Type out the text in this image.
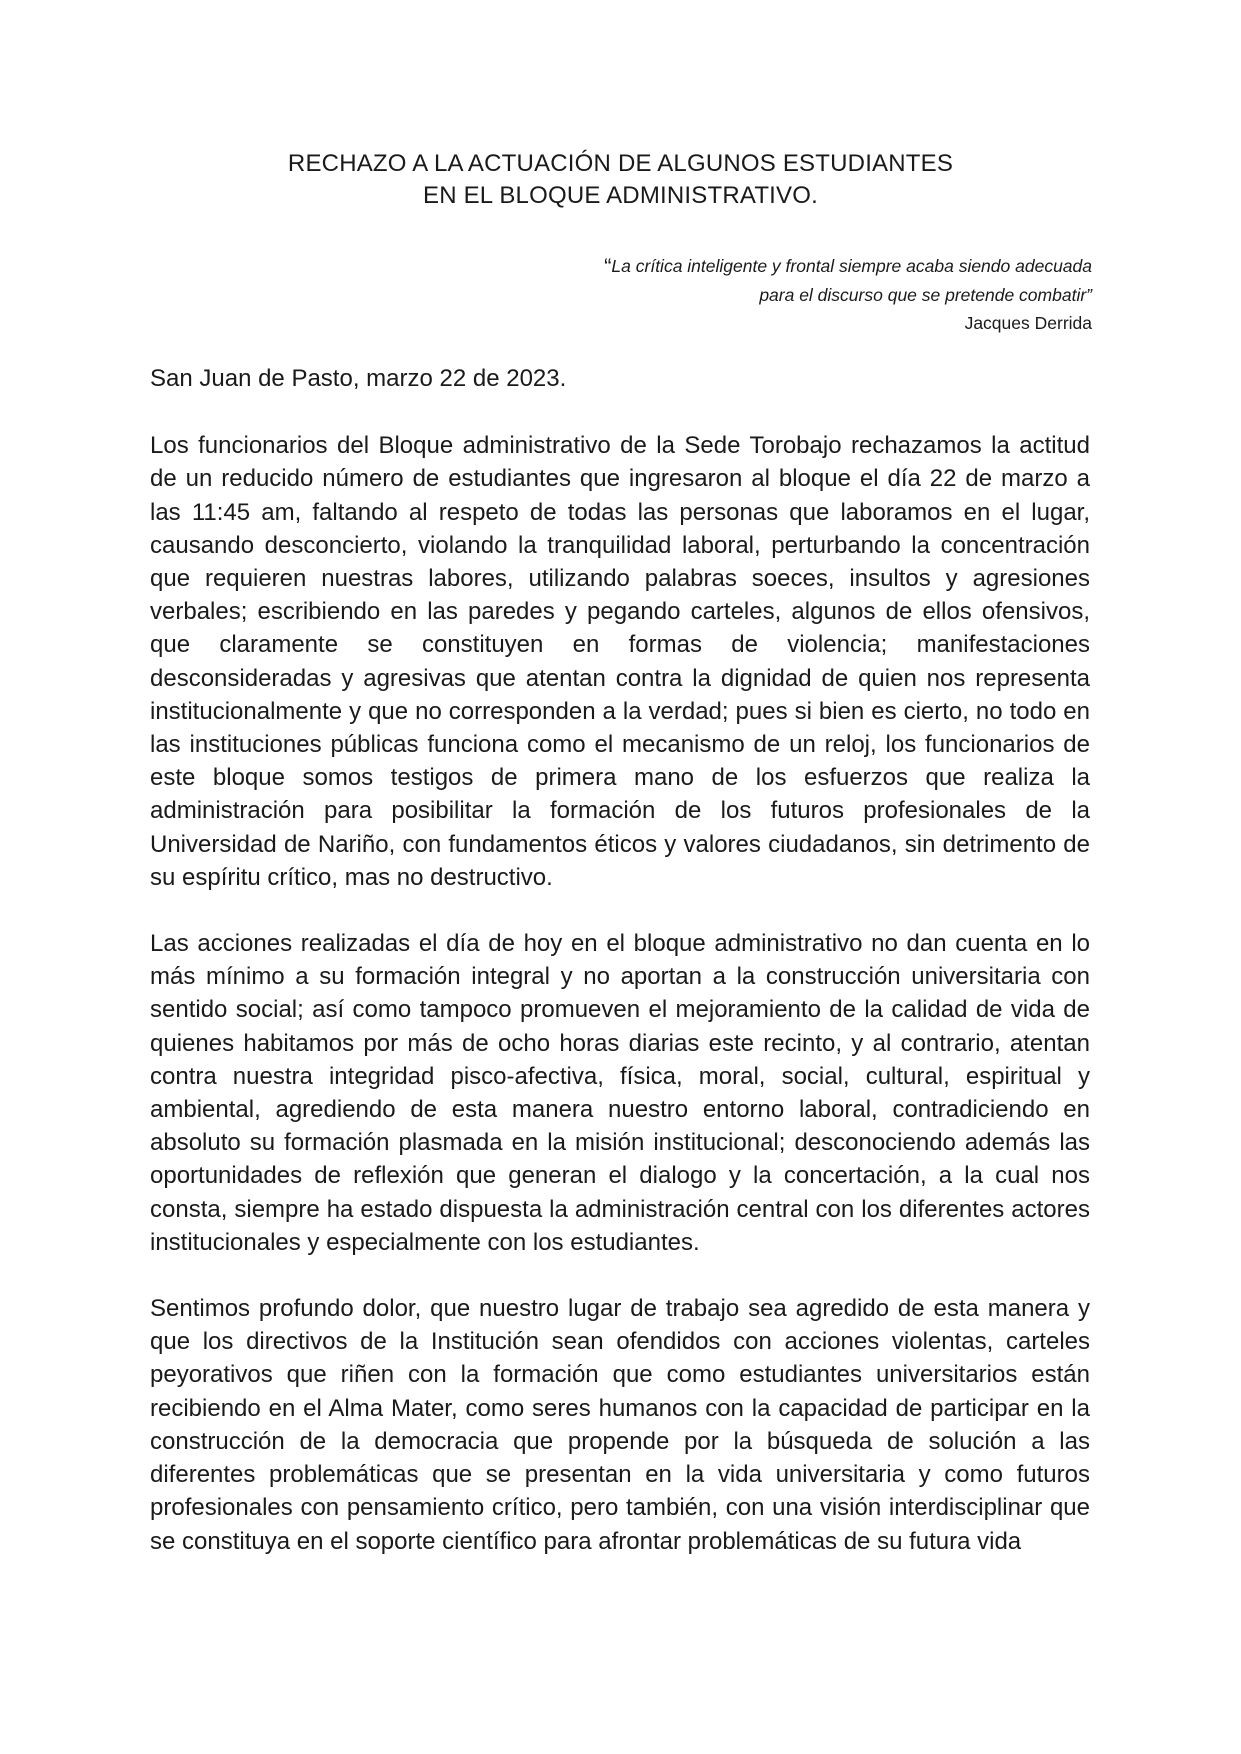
RECHAZO A LA ACTUACIÓN DE ALGUNOS ESTUDIANTES
EN EL BLOQUE ADMINISTRATIVO.
“La crítica inteligente y frontal siempre acaba siendo adecuada
para el discurso que se pretende combatir”
Jacques Derrida
San Juan de Pasto, marzo 22 de 2023.

Los funcionarios del Bloque administrativo de la Sede Torobajo rechazamos la actitud de un reducido número de estudiantes que ingresaron al bloque el día 22 de marzo a las 11:45 am, faltando al respeto de todas las personas que laboramos en el lugar, causando desconcierto, violando la tranquilidad laboral, perturbando la concentración que requieren nuestras labores, utilizando palabras soeces, insultos y agresiones verbales; escribiendo en las paredes y pegando carteles, algunos de ellos ofensivos, que claramente se constituyen en formas de violencia; manifestaciones desconsideradas y agresivas que atentan contra la dignidad de quien nos representa institucionalmente y que no corresponden a la verdad; pues si bien es cierto, no todo en las instituciones públicas funciona como el mecanismo de un reloj, los funcionarios de este bloque somos testigos de primera mano de los esfuerzos que realiza la administración para posibilitar la formación de los futuros profesionales de la Universidad de Nariño, con fundamentos éticos y valores ciudadanos, sin detrimento de su espíritu crítico, mas no destructivo.

Las acciones realizadas el día de hoy en el bloque administrativo no dan cuenta en lo más mínimo a su formación integral y no aportan a la construcción universitaria con sentido social; así como tampoco promueven el mejoramiento de la calidad de vida de quienes habitamos por más de ocho horas diarias este recinto, y al contrario, atentan contra nuestra integridad pisco-afectiva, física, moral, social, cultural, espiritual y ambiental, agrediendo de esta manera nuestro entorno laboral, contradiciendo en absoluto su formación plasmada en la misión institucional; desconociendo además las oportunidades de reflexión que generan el dialogo y la concertación, a la cual nos consta, siempre ha estado dispuesta la administración central con los diferentes actores institucionales y especialmente con los estudiantes.

Sentimos profundo dolor, que nuestro lugar de trabajo sea agredido de esta manera y que los directivos de la Institución sean ofendidos con acciones violentas, carteles peyorativos que riñen con la formación que como estudiantes universitarios están recibiendo en el Alma Mater, como seres humanos con la capacidad de participar en la construcción de la democracia que propende por la búsqueda de solución a las diferentes problemáticas que se presentan en la vida universitaria y como futuros profesionales con pensamiento crítico, pero también, con una visión interdisciplinar que se constituya en el soporte científico para afrontar problemáticas de su futura vida
